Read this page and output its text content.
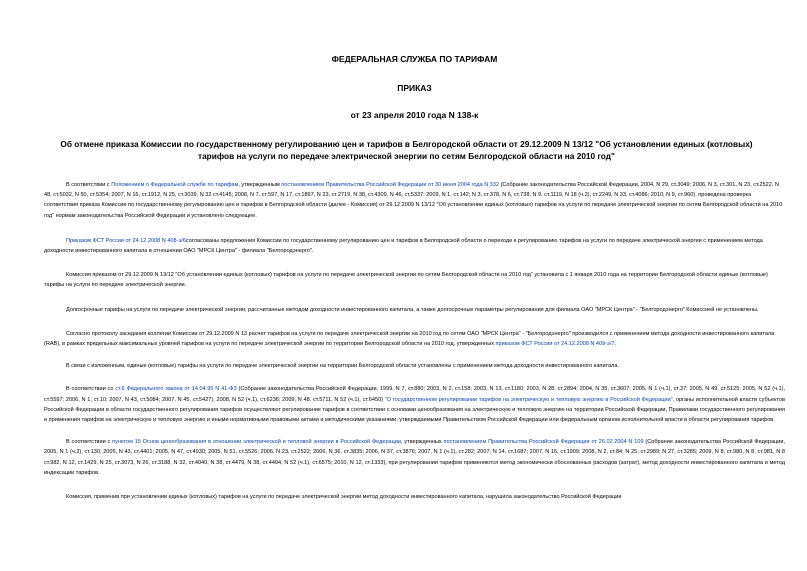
ФЕДЕРАЛЬНАЯ СЛУЖБА ПО ТАРИФАМ

ПРИКАЗ

от 23 апреля 2010 года N 138-к

Об отмене приказа Комиссии по государственному регулированию цен и тарифов в Белгородской области от 29.12.2009 N 13/12 "Об установлении единых (котловых) тарифов на услуги по передаче электрической энергии по сетям Белгородской области на 2010 год"

В соответствии с Положением о Федеральной службе по тарифам, утвержденным постановлением Правительства Российской Федерации от 30 июня 2004 года N 332 (Собрание законодательства Российской Федерации, 2004, N 29, ст.3049; 2006, N 3, ст.301, N 23, ст.2522, N 48, ст.5032, N 50, ст.5354; 2007, N 16, ст.1912, N 25, ст.3039, N 32 ст.4145; 2008, N 7, ст.597, N 17, ст.1897, N 23, ст.2719, N 38, ст.4309, N 46, ст.5337; 2009, N 1, ст.142; N 3, ст.378, N 6, ст.738, N 9, ст.1119, N 18 (ч.2), ст.2249, N 33, ст.4086; 2010, N 9, ст.960), проведена проверка соответствия приказа Комиссии по государственному регулированию цен и тарифов в Белгородской области (далее - Комиссия) от 29.12.2009 N 13/12 "Об установлении единых (котловых) тарифов на услуги по передаче электрической энергии по сетям Белгородской области на 2010 год" нормам законодательства Российской Федерации и установлено следующее.

Приказом ФСТ России от 24.12.2008 N 408-э/6согласованы предложения Комиссии по государственному регулированию цен и тарифов в Белгородской области о переходе к регулированию тарифов на услуги по передаче электрической энергии с применением метода доходности инвестированного капитала в отношении ОАО "МРСК Центра" - филиала "Белгородэнерго".

Комиссия приказом от 29.12.2009 N 13/12 "Об установлении единых (котловых) тарифов на услуги по передаче электрической энергии по сетям Белгородской области на 2010 год" установила с 1 января 2010 года на территории Белгородской области единые (котловые) тарифы на услуги по передаче электрической энергии.

Долгосрочные тарифы на услуги по передаче электрической энергии, рассчитанные методом доходности инвестированного капитала, а также долгосрочные параметры регулирования для филиала ОАО "МРСК Центра" - "Белгородэнерго" Комиссией не установлены.

Согласно протоколу заседания коллегии Комиссии от 29.12.2009 N 13 расчет тарифов на услуги по передаче электрической энергии на 2010 год по сетям ОАО "МРСК Центра" - "Белгородэнерго" производился с применением метода доходности инвестированного капитала (RAB), в рамках предельных максимальных уровней тарифов на услуги по передаче электрической энергии по территории Белгородской области на 2010 год, утвержденных приказом ФСТ России от 24.12.2008 N 409-э/7.

В связи с изложенным, единые (котловые) тарифы на услуги по передаче электрической энергии на территории Белгородской области установлены с применением метода доходности инвестированного капитала.

В соответствии со ст.6 Федерального закона от 14.04.95 N 41-ФЗ (Собрание законодательства Российской Федерации, 1999, N 7, ст.880; 2003, N 2, ст.158; 2003, N 13, ст.1180; 2003, N 28, ст.2894; 2004, N 35, ст.3607; 2005, N 1 (ч.1), ст.37; 2005, N 49, ст.5125; 2005, N 52 (ч.1), ст.5597; 2006, N 1, ст.10; 2007, N 43, ст.5084; 2007, N 45, ст.5427); 2008, N 52 (ч.1), ст.6236; 2009, N 48, ст.5711, N 52 (ч.1), ст.6450) "О государственном регулировании тарифов на электрическую и тепловую энергию в Российской Федерации", органы исполнительной власти субъектов Российской Федерации в области государственного регулирования тарифов осуществляют регулирование тарифов в соответствии с основами ценообразования на электрическую и тепловую энергию на территории Российской Федерации, Правилами государственного регулирования и применения тарифов на электрическую и тепловую энергию и иными нормативными правовыми актами и методическими указаниями, утверждаемыми Правительством Российской Федерации или федеральным органом исполнительной власти в области регулирования тарифов.

В соответствии с пунктом 15 Основ ценообразования в отношении электрической и тепловой энергии в Российской Федерации, утвержденных постановлением Правительства Российской Федерации от 26.02.2004 N 109 (Собрание законодательства Российской Федерации, 2005, N 1 (ч.2), ст.130; 2005, N 43, ст.4401; 2005, N 47, ст.4930; 2005, N 51, ст.5526; 2006, N 23, ст.2522; 2006, N 36, ст.3835; 2006, N 37, ст.3876; 2007, N 1 (ч.1), ст.282; 2007, N 14, ст.1687; 2007, N 16, ст.1909; 2008, N 2, ст.84; N 25, ст.2989; N 27, ст.3285; 2009, N 8, ст.980, N 8, ст.981, N 8 ст.982, N 12, ст.1429, N 25, ст.3073, N 26, ст.3188, N 32, ст.4040, N 38, ст.4479, N 38, ст.4494, N 52 (ч.1), ст.6575; 2010, N 12, ст.1333), при регулировании тарифов применяются метод экономически обоснованных расходов (затрат), метод доходности инвестированного капитала и метод индексации тарифов.

Комиссия, применив при установлении единых (котловых) тарифов на услуги по передаче электрической энергии метод доходности инвестированного капитала, нарушила законодательство Российской Федерации
